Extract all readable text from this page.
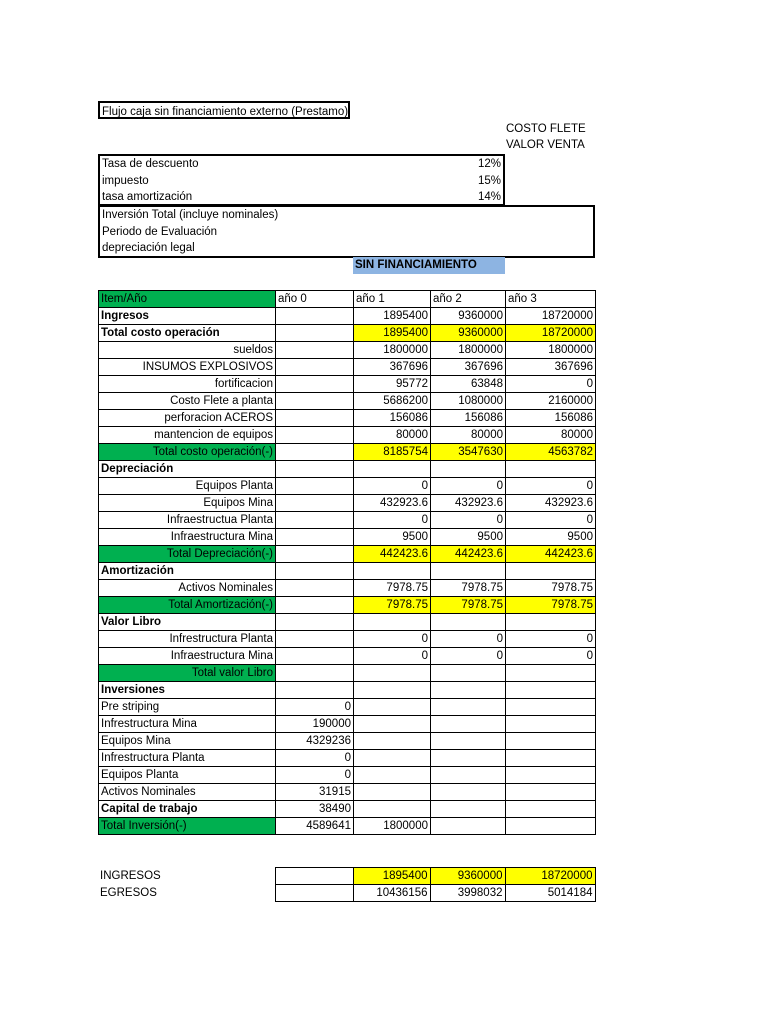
Flujo caja sin financiamiento externo (Prestamo)
COSTO FLETE
VALOR VENTA
Tasa de descuento	12%
impuesto	15%
tasa amortización	14%
Inversión Total (incluye nominales)
Periodo de Evaluación
depreciación legal
SIN FINANCIAMIENTO
Item/Año	año 0	año 1	año 2	año 3
Ingresos		1895400	9360000	18720000
Total costo operación		1895400	9360000	18720000
sueldos		1800000	1800000	1800000
INSUMOS EXPLOSIVOS		367696	367696	367696
fortificacion		95772	63848	0
Costo Flete a planta		5686200	1080000	2160000
perforacion ACEROS		156086	156086	156086
mantencion de equipos		80000	80000	80000
Total costo operación(-)		8185754	3547630	4563782
Depreciación				
Equipos Planta		0	0	0
Equipos Mina		432923.6	432923.6	432923.6
Infraestructua Planta		0	0	0
Infraestructura Mina		9500	9500	9500
Total Depreciación(-)		442423.6	442423.6	442423.6
Amortización				
Activos Nominales		7978.75	7978.75	7978.75
Total Amortización(-)		7978.75	7978.75	7978.75
Valor Libro				
Infrestructura Planta		0	0	0
Infraestructura Mina		0	0	0
Total valor Libro				
Inversiones				
Pre striping	0			
Infrestructura Mina	190000			
Equipos Mina	4329236			
Infrestructura Planta	0			
Equipos Planta	0			
Activos Nominales	31915			
Capital de trabajo	38490			
Total Inversión(-)	4589641	1800000		
INGRESOS		1895400	9360000	18720000
EGRESOS		10436156	3998032	5014184
